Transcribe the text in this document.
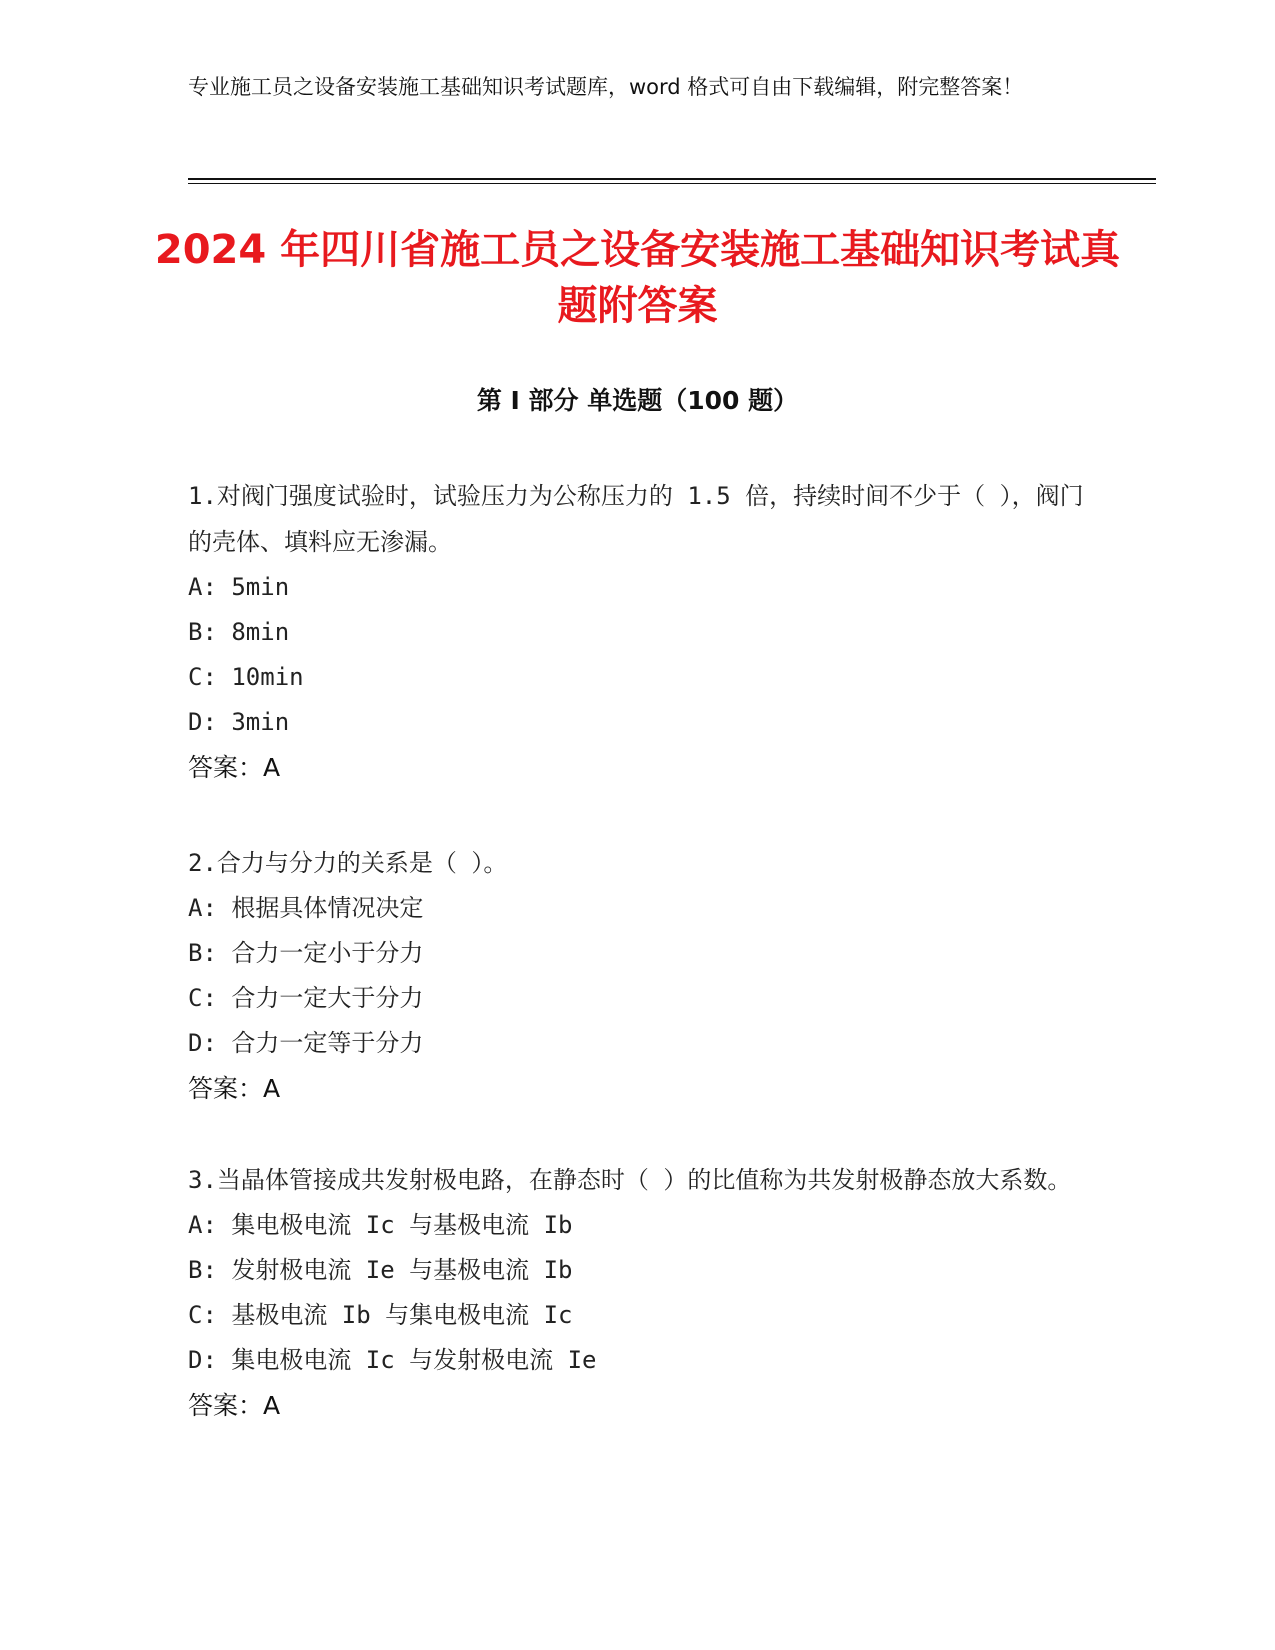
专业施工员之设备安装施工基础知识考试题库，word 格式可自由下载编辑，附完整答案！
2024 年四川省施工员之设备安装施工基础知识考试真题附答案
第 I 部分 单选题（100 题）

1.对阀门强度试验时，试验压力为公称压力的 1.5 倍，持续时间不少于（ ），阀门的壳体、填料应无渗漏。

A: 5min

B: 8min

C: 10min

D: 3min

答案：A

2.合力与分力的关系是（ ）。

A: 根据具体情况决定

B: 合力一定小于分力

C: 合力一定大于分力

D: 合力一定等于分力

答案：A

3.当晶体管接成共发射极电路，在静态时（ ）的比值称为共发射极静态放大系数。

A: 集电极电流 Ic 与基极电流 Ib

B: 发射极电流 Ie 与基极电流 Ib

C: 基极电流 Ib 与集电极电流 Ic

D: 集电极电流 Ic 与发射极电流 Ie

答案：A
